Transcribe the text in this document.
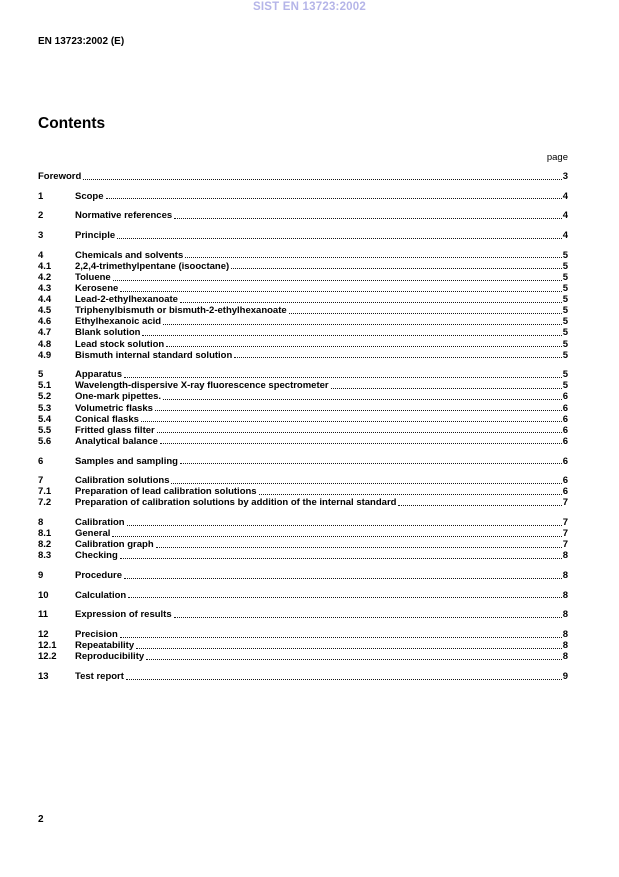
SIST EN 13723:2002
EN 13723:2002 (E)
Contents
page
Foreword	3
1	Scope	4
2	Normative references	4
3	Principle	4
4	Chemicals and solvents	5
4.1	2,2,4-trimethylpentane (isooctane)	5
4.2	Toluene	5
4.3	Kerosene	5
4.4	Lead-2-ethylhexanoate	5
4.5	Triphenylbismuth or bismuth-2-ethylhexanoate	5
4.6	Ethylhexanoic acid	5
4.7	Blank solution	5
4.8	Lead stock solution	5
4.9	Bismuth internal standard solution	5
5	Apparatus	5
5.1	Wavelength-dispersive X-ray fluorescence spectrometer	5
5.2	One-mark pipettes.	6
5.3	Volumetric flasks	6
5.4	Conical flasks	6
5.5	Fritted glass filter	6
5.6	Analytical balance	6
6	Samples and sampling	6
7	Calibration solutions	6
7.1	Preparation of lead calibration solutions	6
7.2	Preparation of calibration solutions by addition of the internal standard	7
8	Calibration	7
8.1	General	7
8.2	Calibration graph	7
8.3	Checking	8
9	Procedure	8
10	Calculation	8
11	Expression of results	8
12	Precision	8
12.1	Repeatability	8
12.2	Reproducibility	8
13	Test report	9
2
